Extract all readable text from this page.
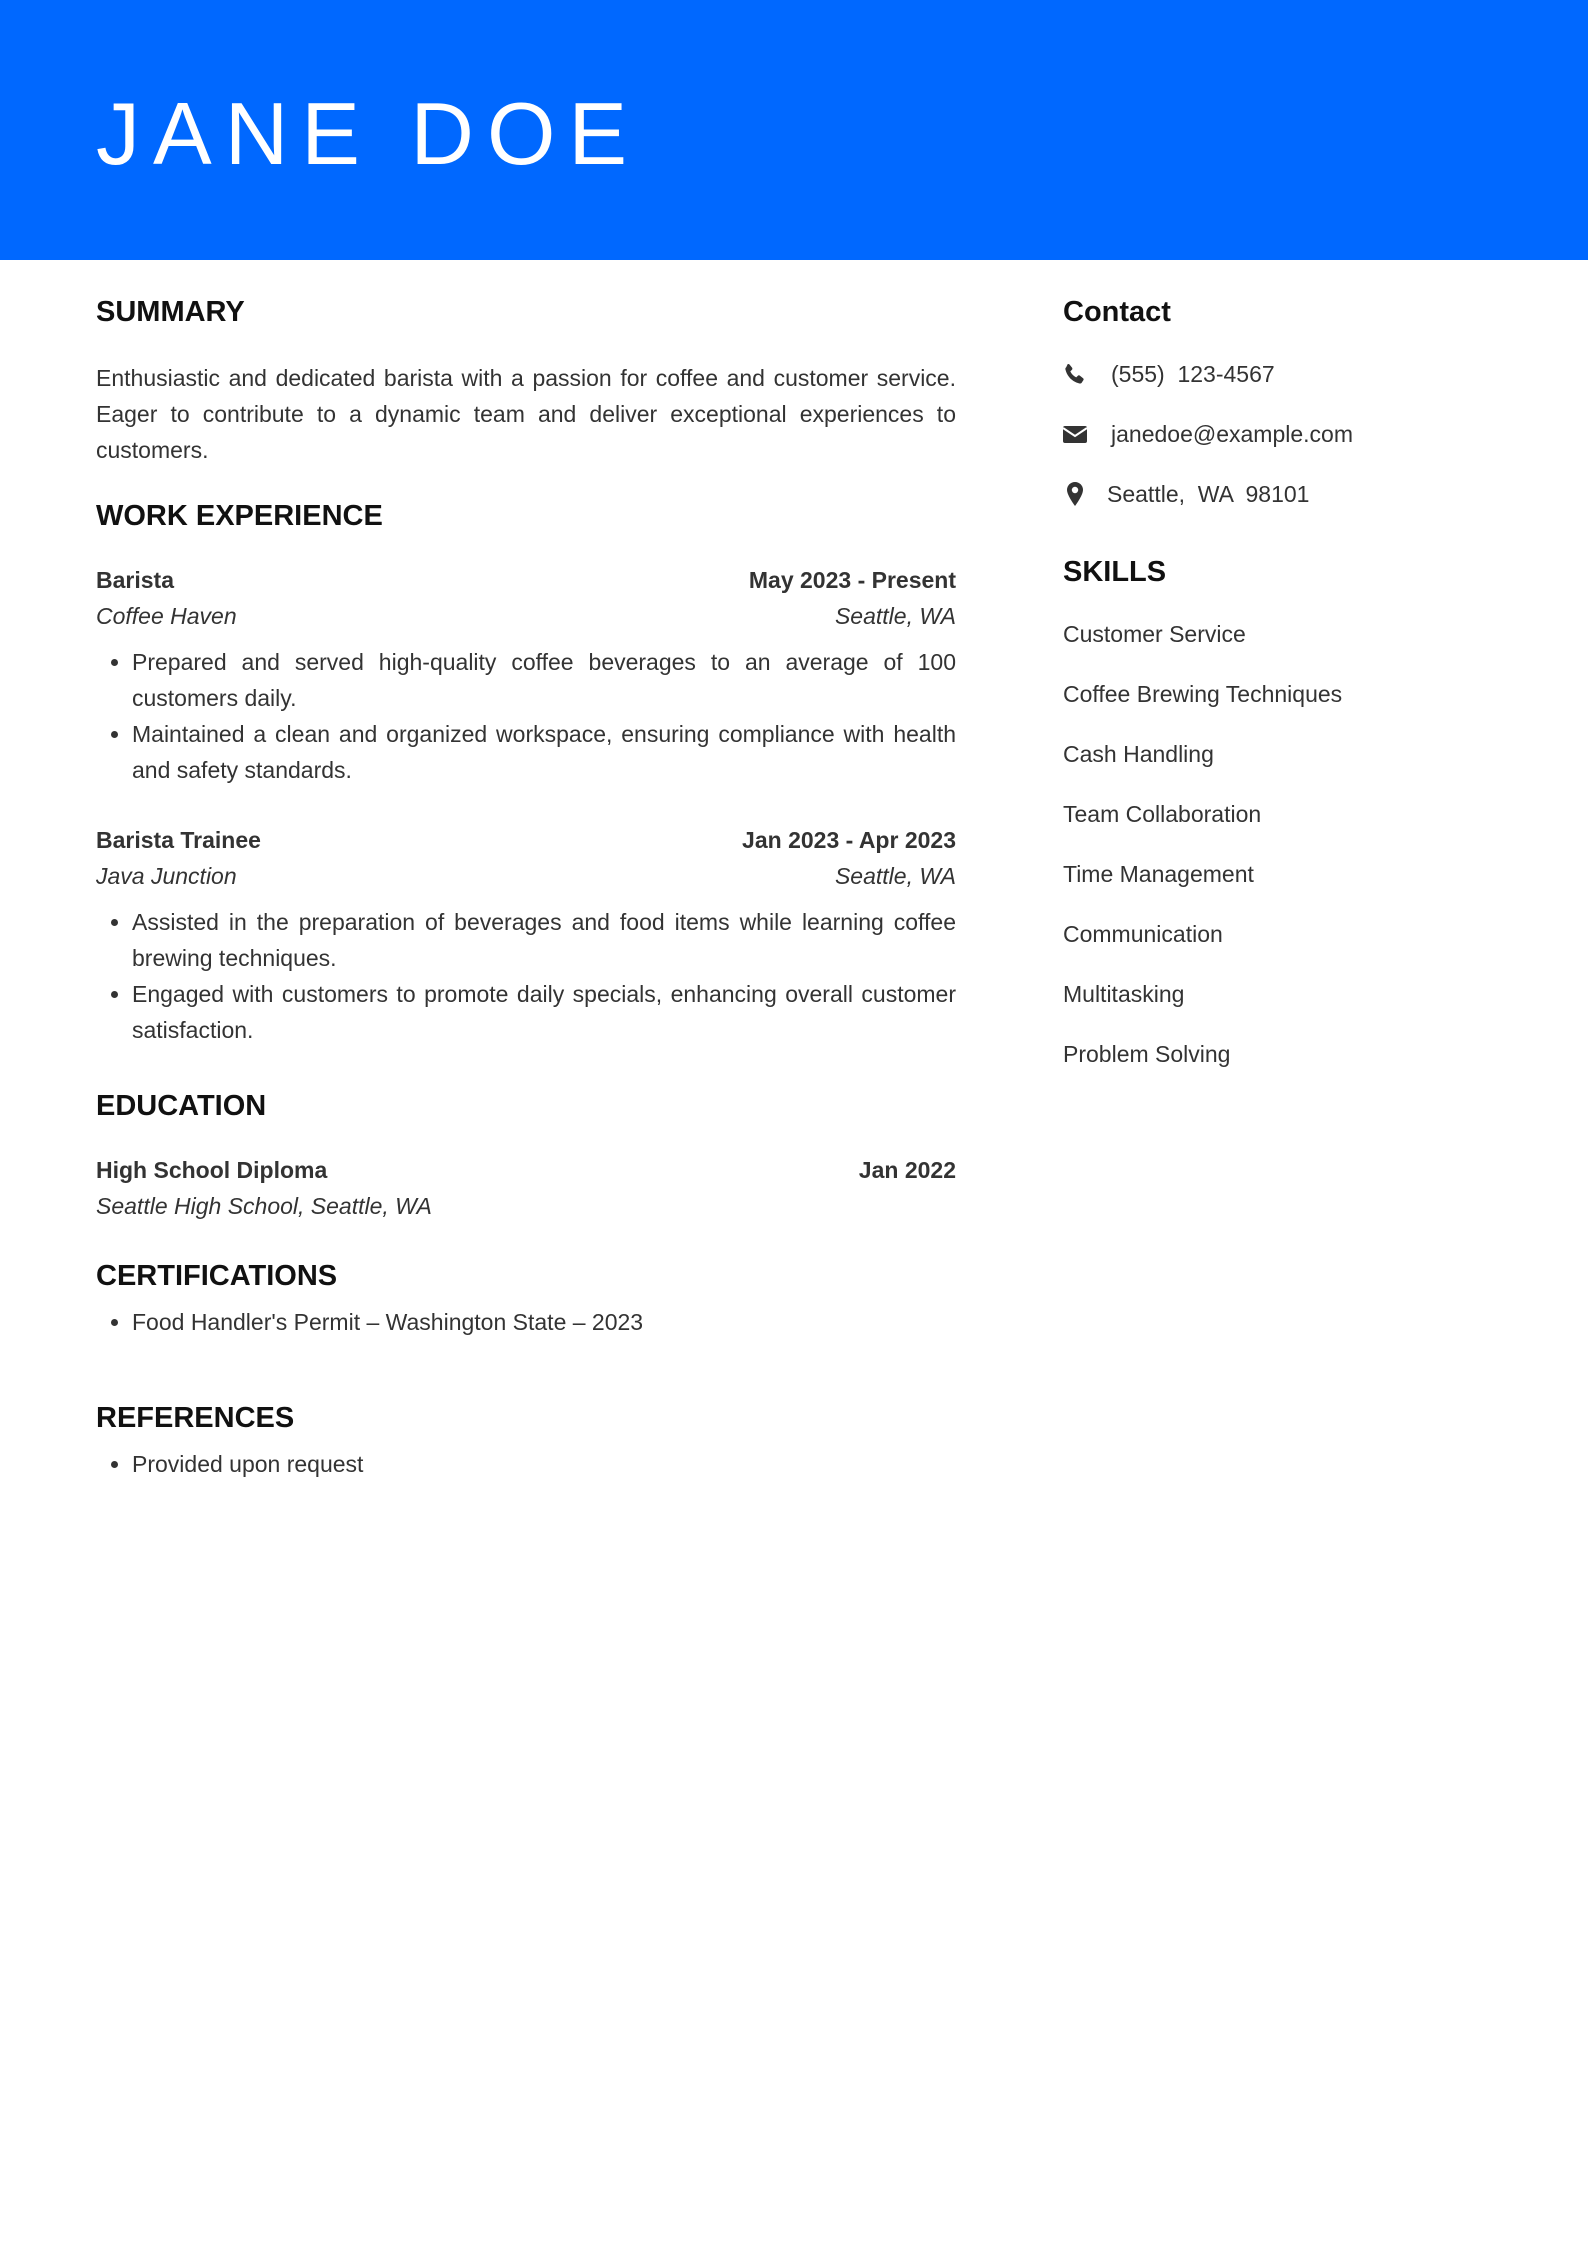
JANE DOE
SUMMARY

Enthusiastic and dedicated barista with a passion for coffee and customer service. Eager to contribute to a dynamic team and deliver exceptional experiences to customers.

WORK EXPERIENCE
Barista	May 2023 - Present
Coffee Haven	Seattle, WA
• Prepared and served high-quality coffee beverages to an average of 100 customers daily.
• Maintained a clean and organized workspace, ensuring compliance with health and safety standards.
Barista Trainee	Jan 2023 - Apr 2023
Java Junction	Seattle, WA
• Assisted in the preparation of beverages and food items while learning coffee brewing techniques.
• Engaged with customers to promote daily specials, enhancing overall customer satisfaction.
EDUCATION
High School Diploma	Jan 2022
Seattle High School, Seattle, WA
CERTIFICATIONS
• Food Handler's Permit – Washington State – 2023
REFERENCES
• Provided upon request
Contact
(555)  123-4567
janedoe@example.com
Seattle,  WA  98101
SKILLS
Customer Service
Coffee Brewing Techniques
Cash Handling
Team Collaboration
Time Management
Communication
Multitasking
Problem Solving
